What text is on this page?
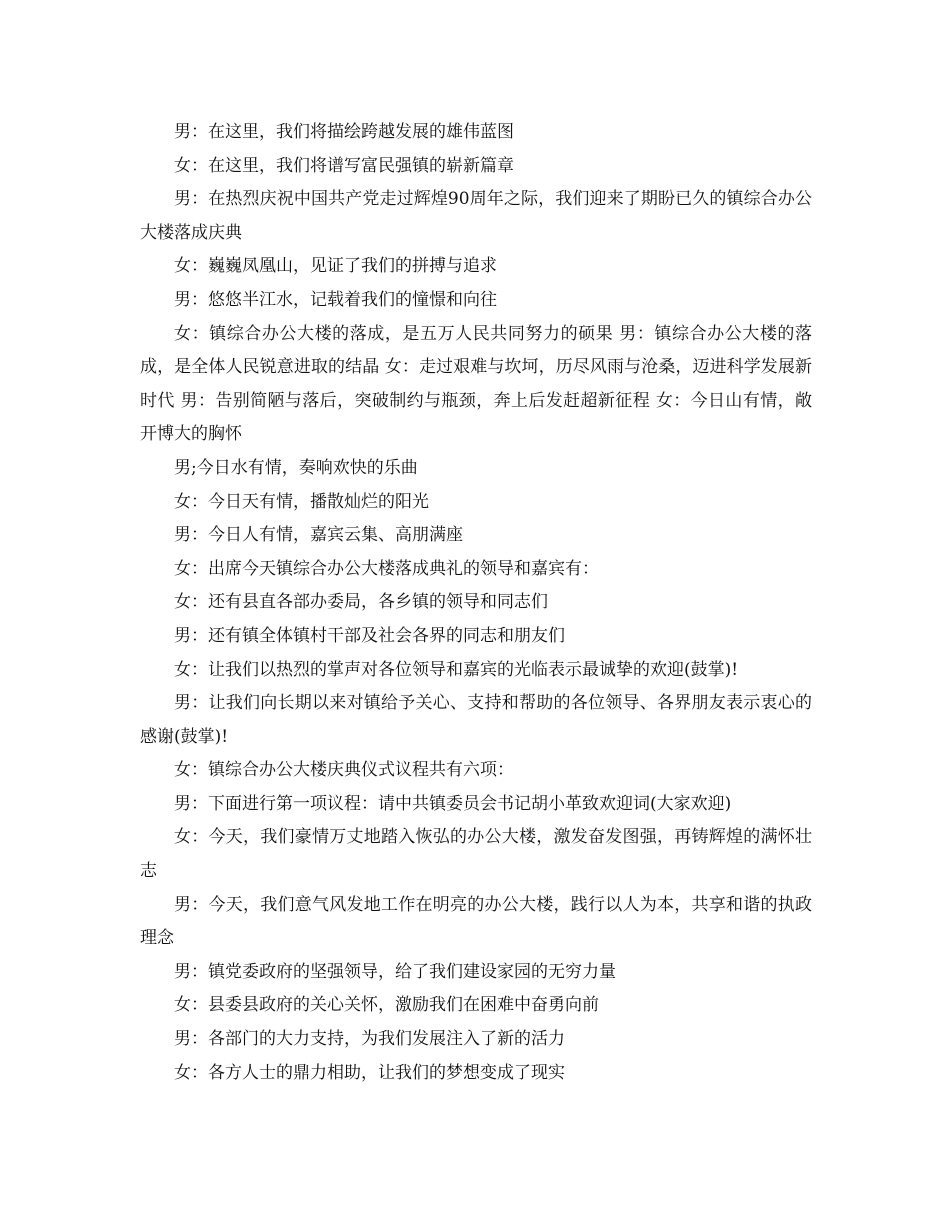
男：在这里，我们将描绘跨越发展的雄伟蓝图

女：在这里，我们将谱写富民强镇的崭新篇章

男：在热烈庆祝中国共产党走过辉煌90周年之际，我们迎来了期盼已久的镇综合办公大楼落成庆典

女：巍巍凤凰山，见证了我们的拼搏与追求

男：悠悠半江水，记载着我们的憧憬和向往

女：镇综合办公大楼的落成，是五万人民共同努力的硕果 男：镇综合办公大楼的落成，是全体人民锐意进取的结晶 女：走过艰难与坎坷，历尽风雨与沧桑，迈进科学发展新时代 男：告别简陋与落后，突破制约与瓶颈，奔上后发赶超新征程 女：今日山有情，敞开博大的胸怀

男;今日水有情，奏响欢快的乐曲

女：今日天有情，播散灿烂的阳光

男：今日人有情，嘉宾云集、高朋满座

女：出席今天镇综合办公大楼落成典礼的领导和嘉宾有：

女：还有县直各部办委局，各乡镇的领导和同志们

男：还有镇全体镇村干部及社会各界的同志和朋友们

女：让我们以热烈的掌声对各位领导和嘉宾的光临表示最诚挚的欢迎(鼓掌)!

男：让我们向长期以来对镇给予关心、支持和帮助的各位领导、各界朋友表示衷心的感谢(鼓掌)!

女：镇综合办公大楼庆典仪式议程共有六项：

男：下面进行第一项议程：请中共镇委员会书记胡小革致欢迎词(大家欢迎)

女：今天，我们豪情万丈地踏入恢弘的办公大楼，激发奋发图强，再铸辉煌的满怀壮志

男：今天，我们意气风发地工作在明亮的办公大楼，践行以人为本，共享和谐的执政理念

男：镇党委政府的坚强领导，给了我们建设家园的无穷力量

女：县委县政府的关心关怀，激励我们在困难中奋勇向前

男：各部门的大力支持，为我们发展注入了新的活力

女：各方人士的鼎力相助，让我们的梦想变成了现实
